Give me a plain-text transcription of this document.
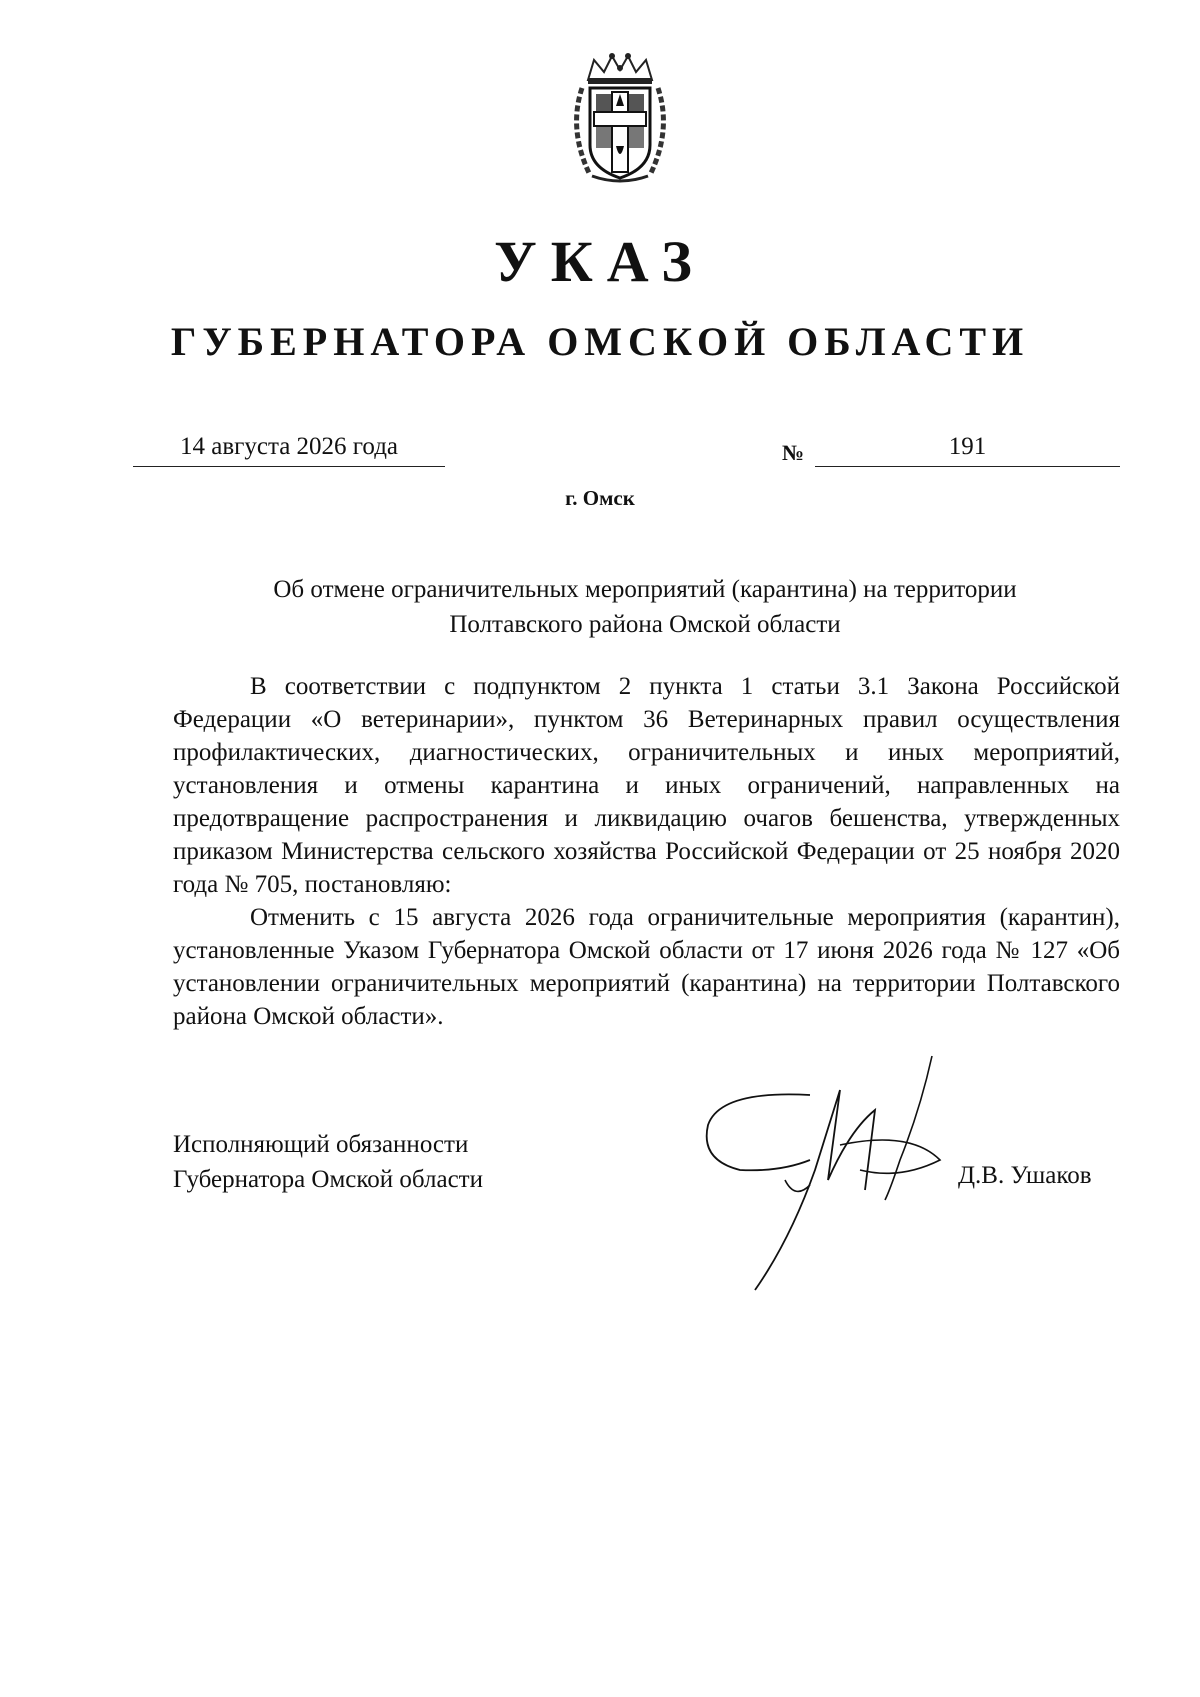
УКАЗ
ГУБЕРНАТОРА ОМСКОЙ ОБЛАСТИ
14 августа 2026 года	№	191
г. Омск
Об отмене ограничительных мероприятий (карантина) на территории
Полтавского района Омской области

В соответствии с подпунктом 2 пункта 1 статьи 3.1 Закона Российской Федерации «О ветеринарии», пунктом 36 Ветеринарных правил осуществления профилактических, диагностических, ограничительных и иных мероприятий, установления и отмены карантина и иных ограничений, направленных на предотвращение распространения и ликвидацию очагов бешенства, утвержденных приказом Министерства сельского хозяйства Российской Федерации от 25 ноября 2020 года № 705, постановляю:

Отменить с 15 августа 2026 года ограничительные мероприятия (карантин), установленные Указом Губернатора Омской области от 17 июня 2026 года № 127 «Об установлении ограничительных мероприятий (карантина) на территории Полтавского района Омской области».

Исполняющий обязанности
Губернатора Омской области	Д.В. Ушаков
